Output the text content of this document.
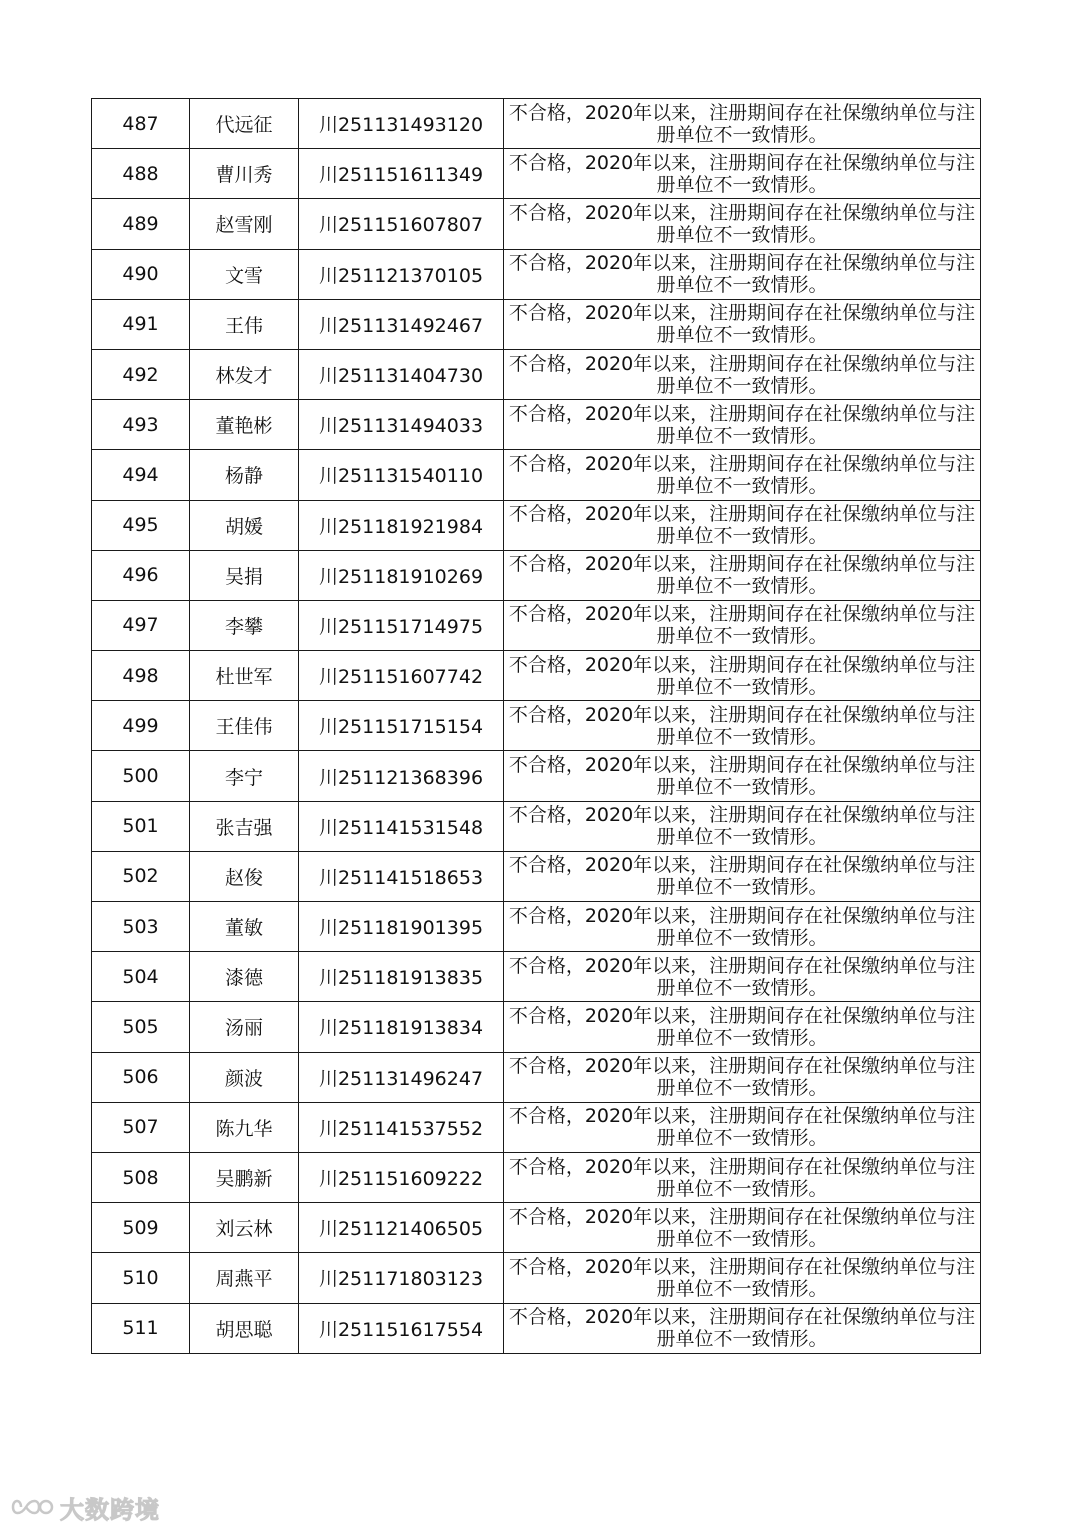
487	代远征	川251131493120	不合格，2020年以来，注册期间存在社保缴纳单位与注册单位不一致情形。
488	曹川秀	川251151611349	不合格，2020年以来，注册期间存在社保缴纳单位与注册单位不一致情形。
489	赵雪刚	川251151607807	不合格，2020年以来，注册期间存在社保缴纳单位与注册单位不一致情形。
490	文雪	川251121370105	不合格，2020年以来，注册期间存在社保缴纳单位与注册单位不一致情形。
491	王伟	川251131492467	不合格，2020年以来，注册期间存在社保缴纳单位与注册单位不一致情形。
492	林发才	川251131404730	不合格，2020年以来，注册期间存在社保缴纳单位与注册单位不一致情形。
493	董艳彬	川251131494033	不合格，2020年以来，注册期间存在社保缴纳单位与注册单位不一致情形。
494	杨静	川251131540110	不合格，2020年以来，注册期间存在社保缴纳单位与注册单位不一致情形。
495	胡媛	川251181921984	不合格，2020年以来，注册期间存在社保缴纳单位与注册单位不一致情形。
496	吴捐	川251181910269	不合格，2020年以来，注册期间存在社保缴纳单位与注册单位不一致情形。
497	李攀	川251151714975	不合格，2020年以来，注册期间存在社保缴纳单位与注册单位不一致情形。
498	杜世军	川251151607742	不合格，2020年以来，注册期间存在社保缴纳单位与注册单位不一致情形。
499	王佳伟	川251151715154	不合格，2020年以来，注册期间存在社保缴纳单位与注册单位不一致情形。
500	李宁	川251121368396	不合格，2020年以来，注册期间存在社保缴纳单位与注册单位不一致情形。
501	张吉强	川251141531548	不合格，2020年以来，注册期间存在社保缴纳单位与注册单位不一致情形。
502	赵俊	川251141518653	不合格，2020年以来，注册期间存在社保缴纳单位与注册单位不一致情形。
503	董敏	川251181901395	不合格，2020年以来，注册期间存在社保缴纳单位与注册单位不一致情形。
504	漆德	川251181913835	不合格，2020年以来，注册期间存在社保缴纳单位与注册单位不一致情形。
505	汤丽	川251181913834	不合格，2020年以来，注册期间存在社保缴纳单位与注册单位不一致情形。
506	颜波	川251131496247	不合格，2020年以来，注册期间存在社保缴纳单位与注册单位不一致情形。
507	陈九华	川251141537552	不合格，2020年以来，注册期间存在社保缴纳单位与注册单位不一致情形。
508	吴鹏新	川251151609222	不合格，2020年以来，注册期间存在社保缴纳单位与注册单位不一致情形。
509	刘云林	川251121406505	不合格，2020年以来，注册期间存在社保缴纳单位与注册单位不一致情形。
510	周燕平	川251171803123	不合格，2020年以来，注册期间存在社保缴纳单位与注册单位不一致情形。
511	胡思聪	川251151617554	不合格，2020年以来，注册期间存在社保缴纳单位与注册单位不一致情形。
大数跨境
